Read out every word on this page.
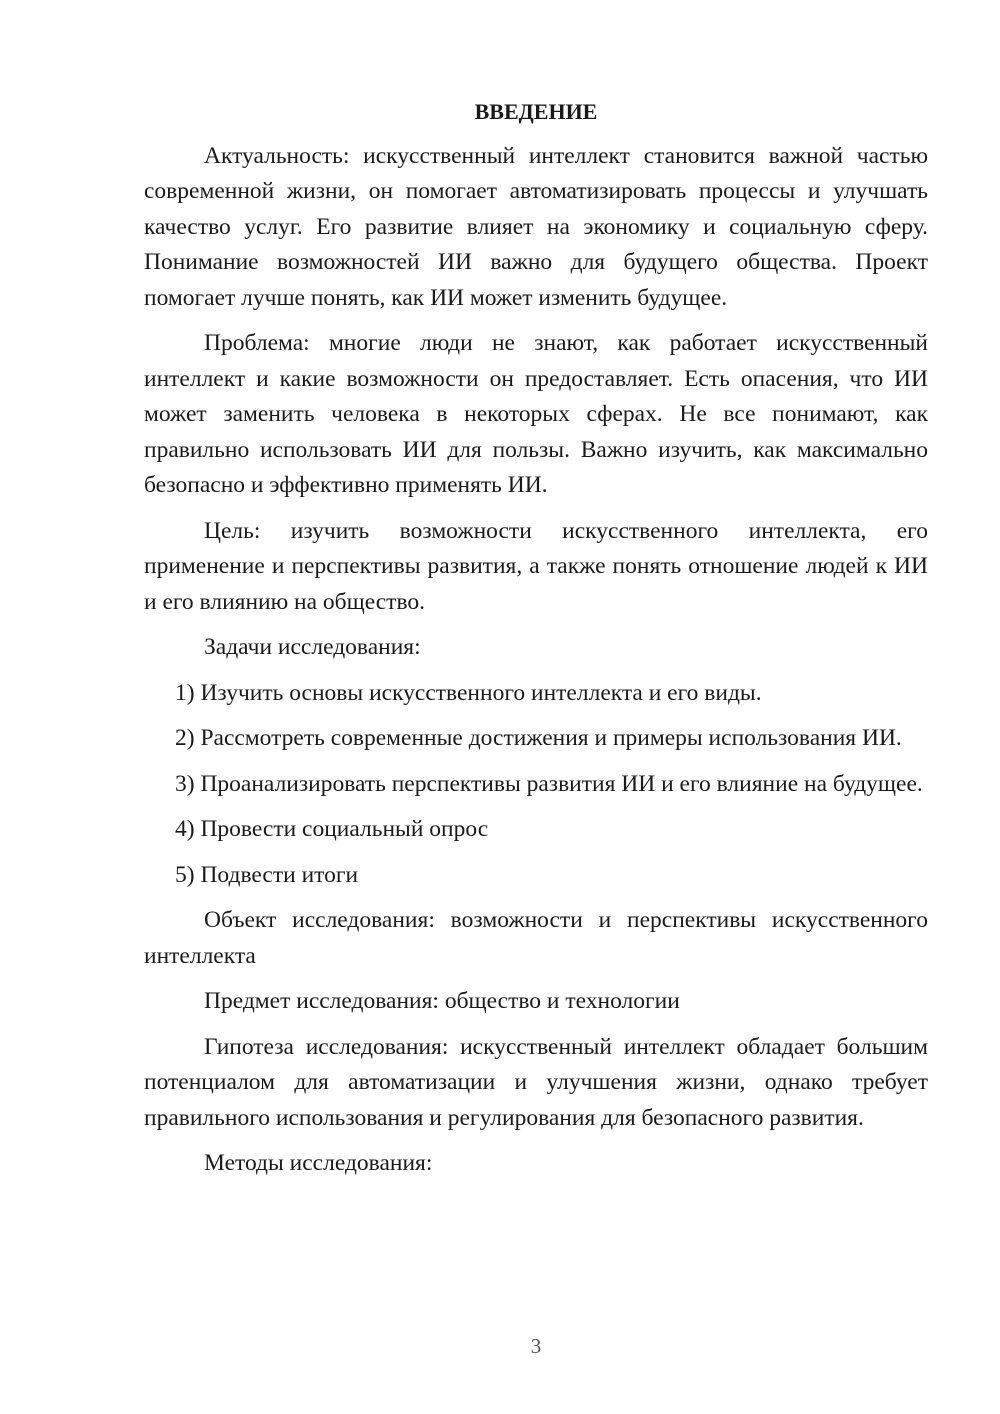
ВВЕДЕНИЕ

Актуальность: искусственный интеллект становится важной частью современной жизни, он помогает автоматизировать процессы и улучшать качество услуг. Его развитие влияет на экономику и социальную сферу. Понимание возможностей ИИ важно для будущего общества. Проект помогает лучше понять, как ИИ может изменить будущее.

Проблема: многие люди не знают, как работает искусственный интеллект и какие возможности он предоставляет. Есть опасения, что ИИ может заменить человека в некоторых сферах. Не все понимают, как правильно использовать ИИ для пользы. Важно изучить, как максимально безопасно и эффективно применять ИИ.

Цель: изучить возможности искусственного интеллекта, его применение и перспективы развития, а также понять отношение людей к ИИ и его влиянию на общество.

Задачи исследования:

1) Изучить основы искусственного интеллекта и его виды.

2) Рассмотреть современные достижения и примеры использования ИИ.

3) Проанализировать перспективы развития ИИ и его влияние на будущее.

4) Провести социальный опрос

5) Подвести итоги

Объект исследования: возможности и перспективы искусственного интеллекта

Предмет исследования: общество и технологии

Гипотеза исследования: искусственный интеллект обладает большим потенциалом для автоматизации и улучшения жизни, однако требует правильного использования и регулирования для безопасного развития.

Методы исследования:

3
